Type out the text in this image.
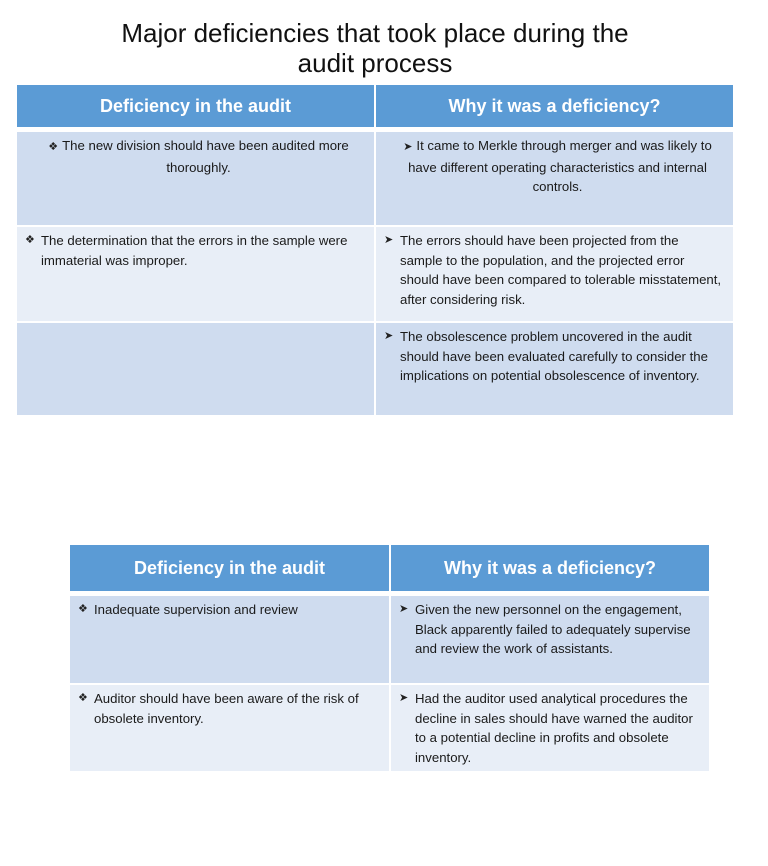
Major deficiencies that took place during the
audit process
Deficiency in the audit	Why it was a deficiency?

❖ The new division should have been audited more thoroughly.	➤ It came to Merkle through merger and was likely to have different operating characteristics and internal controls.

❖ The determination that the errors in the sample were immaterial was improper.	➤ The errors should have been projected from the sample to the population, and the projected error should have been compared to tolerable misstatement, after considering risk.

	➤ The obsolescence problem uncovered in the audit should have been evaluated carefully to consider the implications on potential obsolescence of inventory.
Deficiency in the audit	Why it was a deficiency?

❖ Inadequate supervision and review	➤ Given the new personnel on the engagement, Black apparently failed to adequately supervise and review the work of assistants.

❖ Auditor should have been aware of the risk of obsolete inventory.	➤ Had the auditor used analytical procedures the decline in sales should have warned the auditor to a potential decline in profits and obsolete inventory.
